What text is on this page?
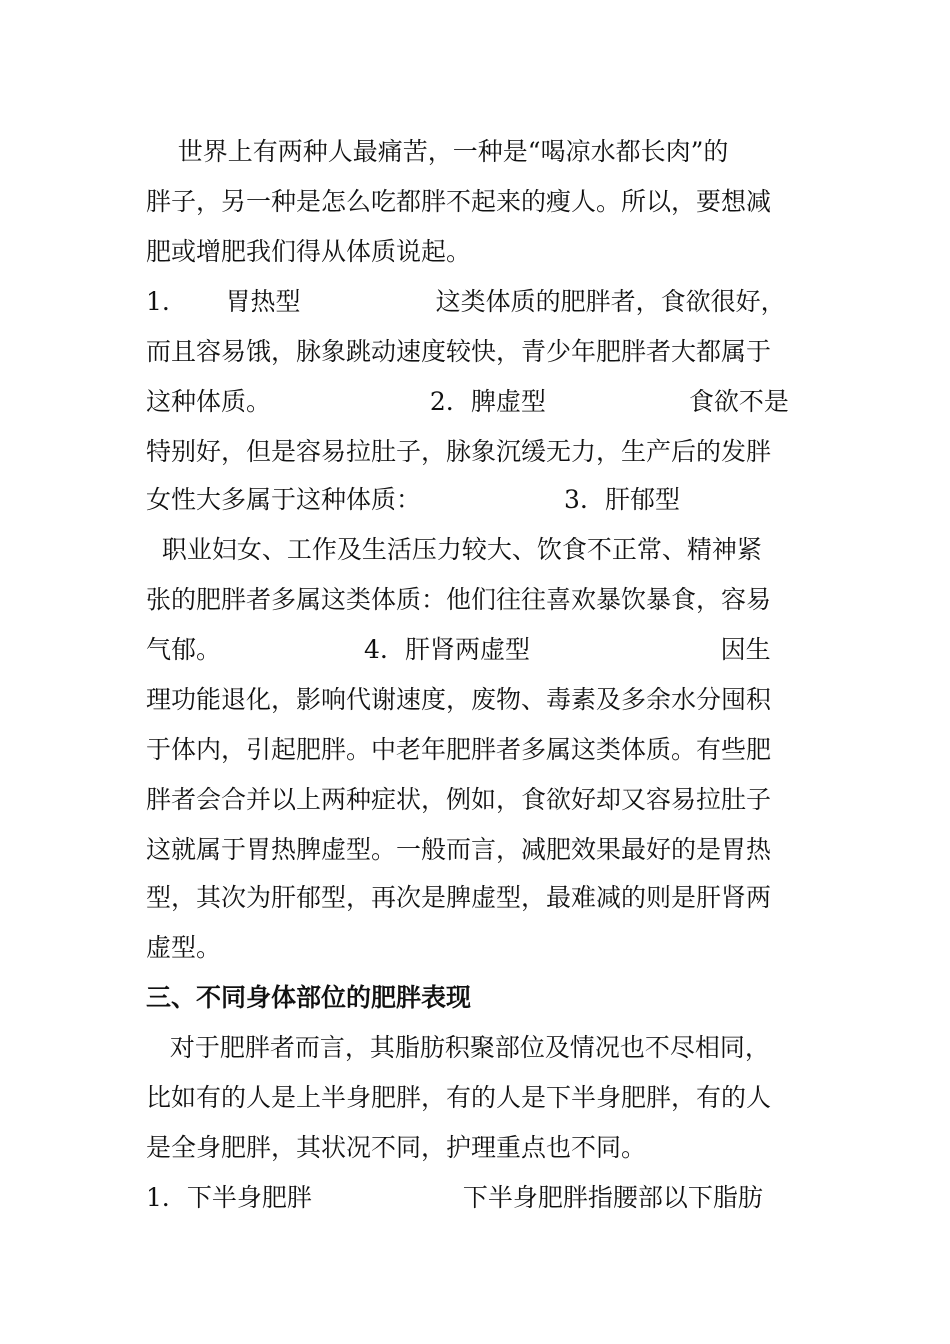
世界上有两种人最痛苦，一种是“喝凉水都长肉”的
胖子，另一种是怎么吃都胖不起来的瘦人。所以，要想减
肥或增肥我们得从体质说起。
1.       胃热型                 这类体质的肥胖者，食欲很好，
而且容易饿，脉象跳动速度较快，青少年肥胖者大都属于
这种体质。                    2．脾虚型                  食欲不是
特别好，但是容易拉肚子，脉象沉缓无力，生产后的发胖
女性大多属于这种体质：                  3．肝郁型
职业妇女、工作及生活压力较大、饮食不正常、精神紧
张的肥胖者多属这类体质：他们往往喜欢暴饮暴食，容易
气郁。                  4．肝肾两虚型                        因生
理功能退化，影响代谢速度，废物、毒素及多余水分囤积
于体内，引起肥胖。中老年肥胖者多属这类体质。有些肥
胖者会合并以上两种症状，例如，食欲好却又容易拉肚子
这就属于胃热脾虚型。一般而言，减肥效果最好的是胃热
型，其次为肝郁型，再次是脾虚型，最难减的则是肝肾两
虚型。
三、不同身体部位的肥胖表现
对于肥胖者而言，其脂肪积聚部位及情况也不尽相同，
比如有的人是上半身肥胖，有的人是下半身肥胖，有的人
是全身肥胖，其状况不同，护理重点也不同。
1．下半身肥胖                   下半身肥胖指腰部以下脂肪
